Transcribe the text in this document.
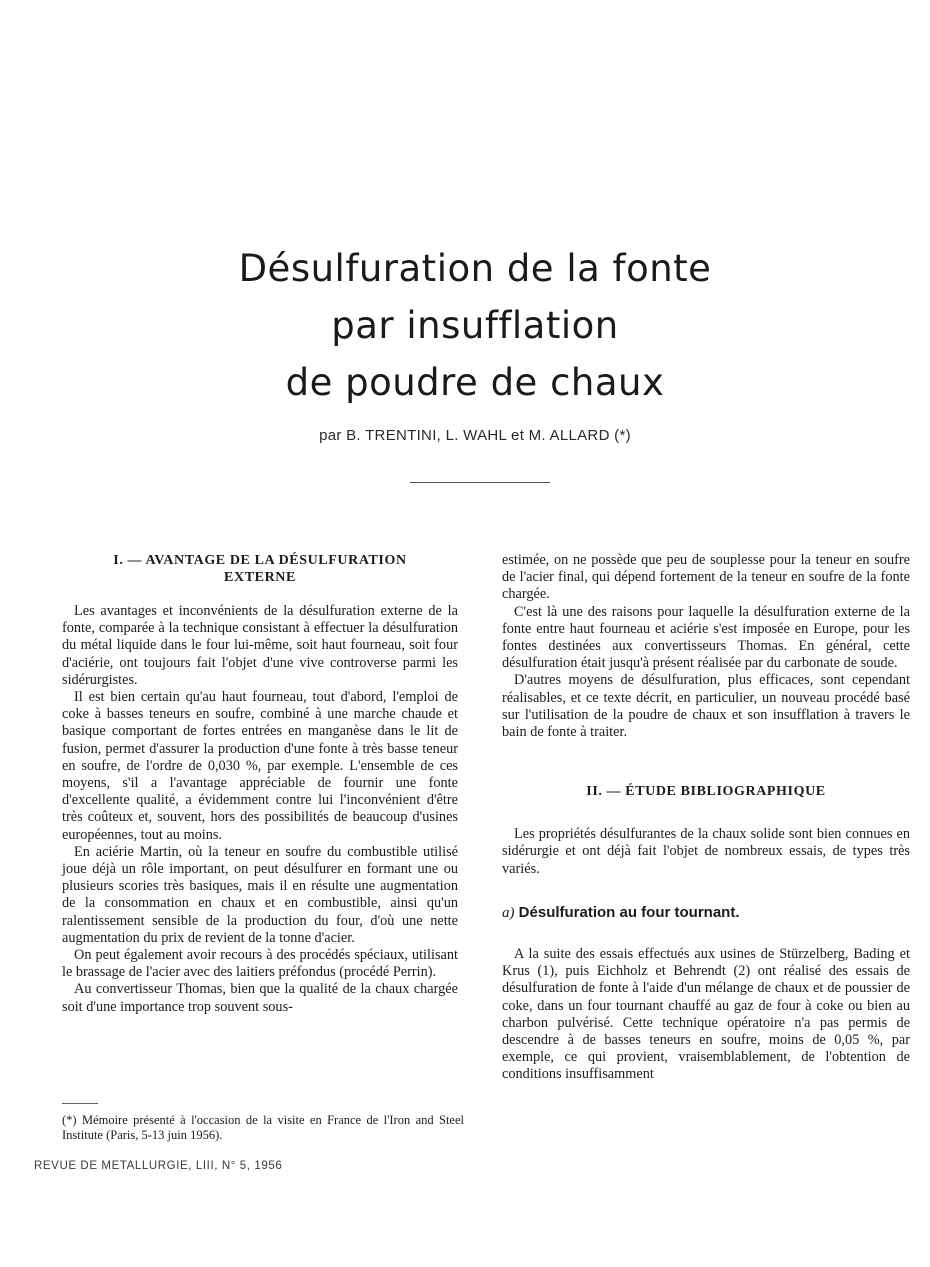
Désulfuration de la fonte
par insufflation
de poudre de chaux
par B. TRENTINI, L. WAHL et M. ALLARD (*)
I. — AVANTAGE DE LA DÉSULFURATION
EXTERNE

Les avantages et inconvénients de la désulfuration externe de la fonte, comparée à la technique consistant à effectuer la désulfuration du métal liquide dans le four lui-même, soit haut fourneau, soit four d'aciérie, ont toujours fait l'objet d'une vive controverse parmi les sidérurgistes.

Il est bien certain qu'au haut fourneau, tout d'abord, l'emploi de coke à basses teneurs en soufre, combiné à une marche chaude et basique comportant de fortes entrées en manganèse dans le lit de fusion, permet d'assurer la production d'une fonte à très basse teneur en soufre, de l'ordre de 0,030 %, par exemple. L'ensemble de ces moyens, s'il a l'avantage appréciable de fournir une fonte d'excellente qualité, a évidemment contre lui l'inconvénient d'être très coûteux et, souvent, hors des possibilités de beaucoup d'usines européennes, tout au moins.

En aciérie Martin, où la teneur en soufre du combustible utilisé joue déjà un rôle important, on peut désulfurer en formant une ou plusieurs scories très basiques, mais il en résulte une augmentation de la consommation en chaux et en combustible, ainsi qu'un ralentissement sensible de la production du four, d'où une nette augmentation du prix de revient de la tonne d'acier.

On peut également avoir recours à des procédés spéciaux, utilisant le brassage de l'acier avec des laitiers préfondus (procédé Perrin).

Au convertisseur Thomas, bien que la qualité de la chaux chargée soit d'une importance trop souvent sous-

estimée, on ne possède que peu de souplesse pour la teneur en soufre de l'acier final, qui dépend fortement de la teneur en soufre de la fonte chargée.

C'est là une des raisons pour laquelle la désulfuration externe de la fonte entre haut fourneau et aciérie s'est imposée en Europe, pour les fontes destinées aux convertisseurs Thomas. En général, cette désulfuration était jusqu'à présent réalisée par du carbonate de soude.

D'autres moyens de désulfuration, plus efficaces, sont cependant réalisables, et ce texte décrit, en particulier, un nouveau procédé basé sur l'utilisation de la poudre de chaux et son insufflation à travers le bain de fonte à traiter.

II. — ÉTUDE BIBLIOGRAPHIQUE

Les propriétés désulfurantes de la chaux solide sont bien connues en sidérurgie et ont déjà fait l'objet de nombreux essais, de types très variés.

a) Désulfuration au four tournant.

A la suite des essais effectués aux usines de Stürzelberg, Bading et Krus (1), puis Eichholz et Behrendt (2) ont réalisé des essais de désulfuration de fonte à l'aide d'un mélange de chaux et de poussier de coke, dans un four tournant chauffé au gaz de four à coke ou bien au charbon pulvérisé. Cette technique opératoire n'a pas permis de descendre à de basses teneurs en soufre, moins de 0,05 %, par exemple, ce qui provient, vraisemblablement, de l'obtention de conditions insuffisamment

(*) Mémoire présenté à l'occasion de la visite en France de l'Iron and Steel Institute (Paris, 5-13 juin 1956).
REVUE DE METALLURGIE, LIII, N° 5, 1956
